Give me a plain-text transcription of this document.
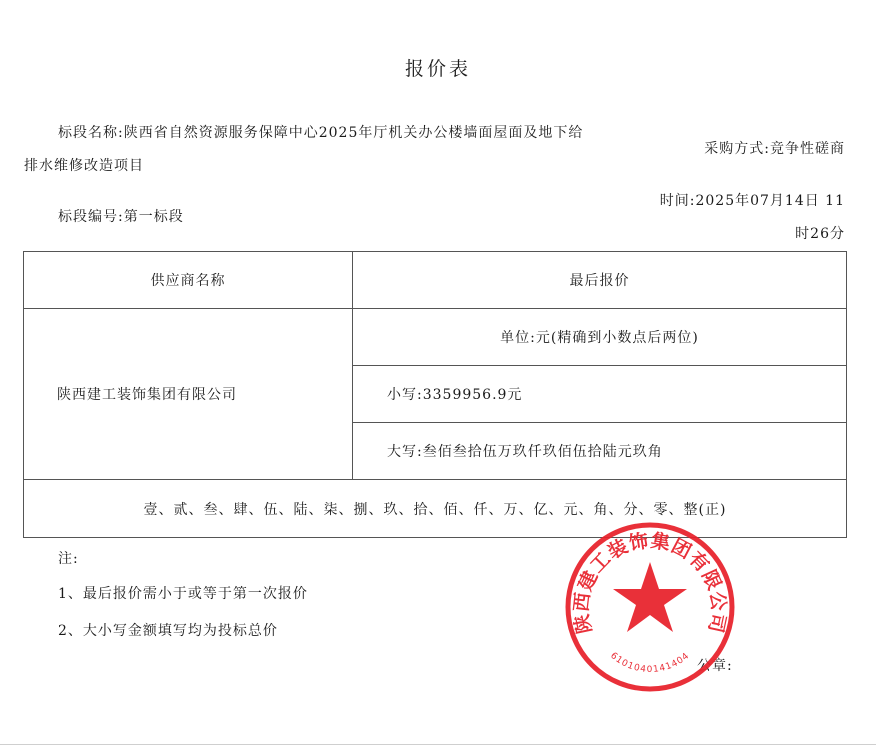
报价表
标段名称:陕西省自然资源服务保障中心2025年厅机关办公楼墙面屋面及地下给
排水维修改造项目
采购方式:竞争性磋商
时间:2025年07月14日 11
时26分
标段编号:第一标段
供应商名称	最后报价
陕西建工装饰集团有限公司	单位:元(精确到小数点后两位)
	小写:3359956.9元
	大写:叁佰叁拾伍万玖仟玖佰伍拾陆元玖角
壹、贰、叁、肆、伍、陆、柒、捌、玖、拾、佰、仟、万、亿、元、角、分、零、整(正)	
注:
1、最后报价需小于或等于第一次报价
2、大小写金额填写均为投标总价
公章:
陕西建工装饰集团有限公司
6101040141404
